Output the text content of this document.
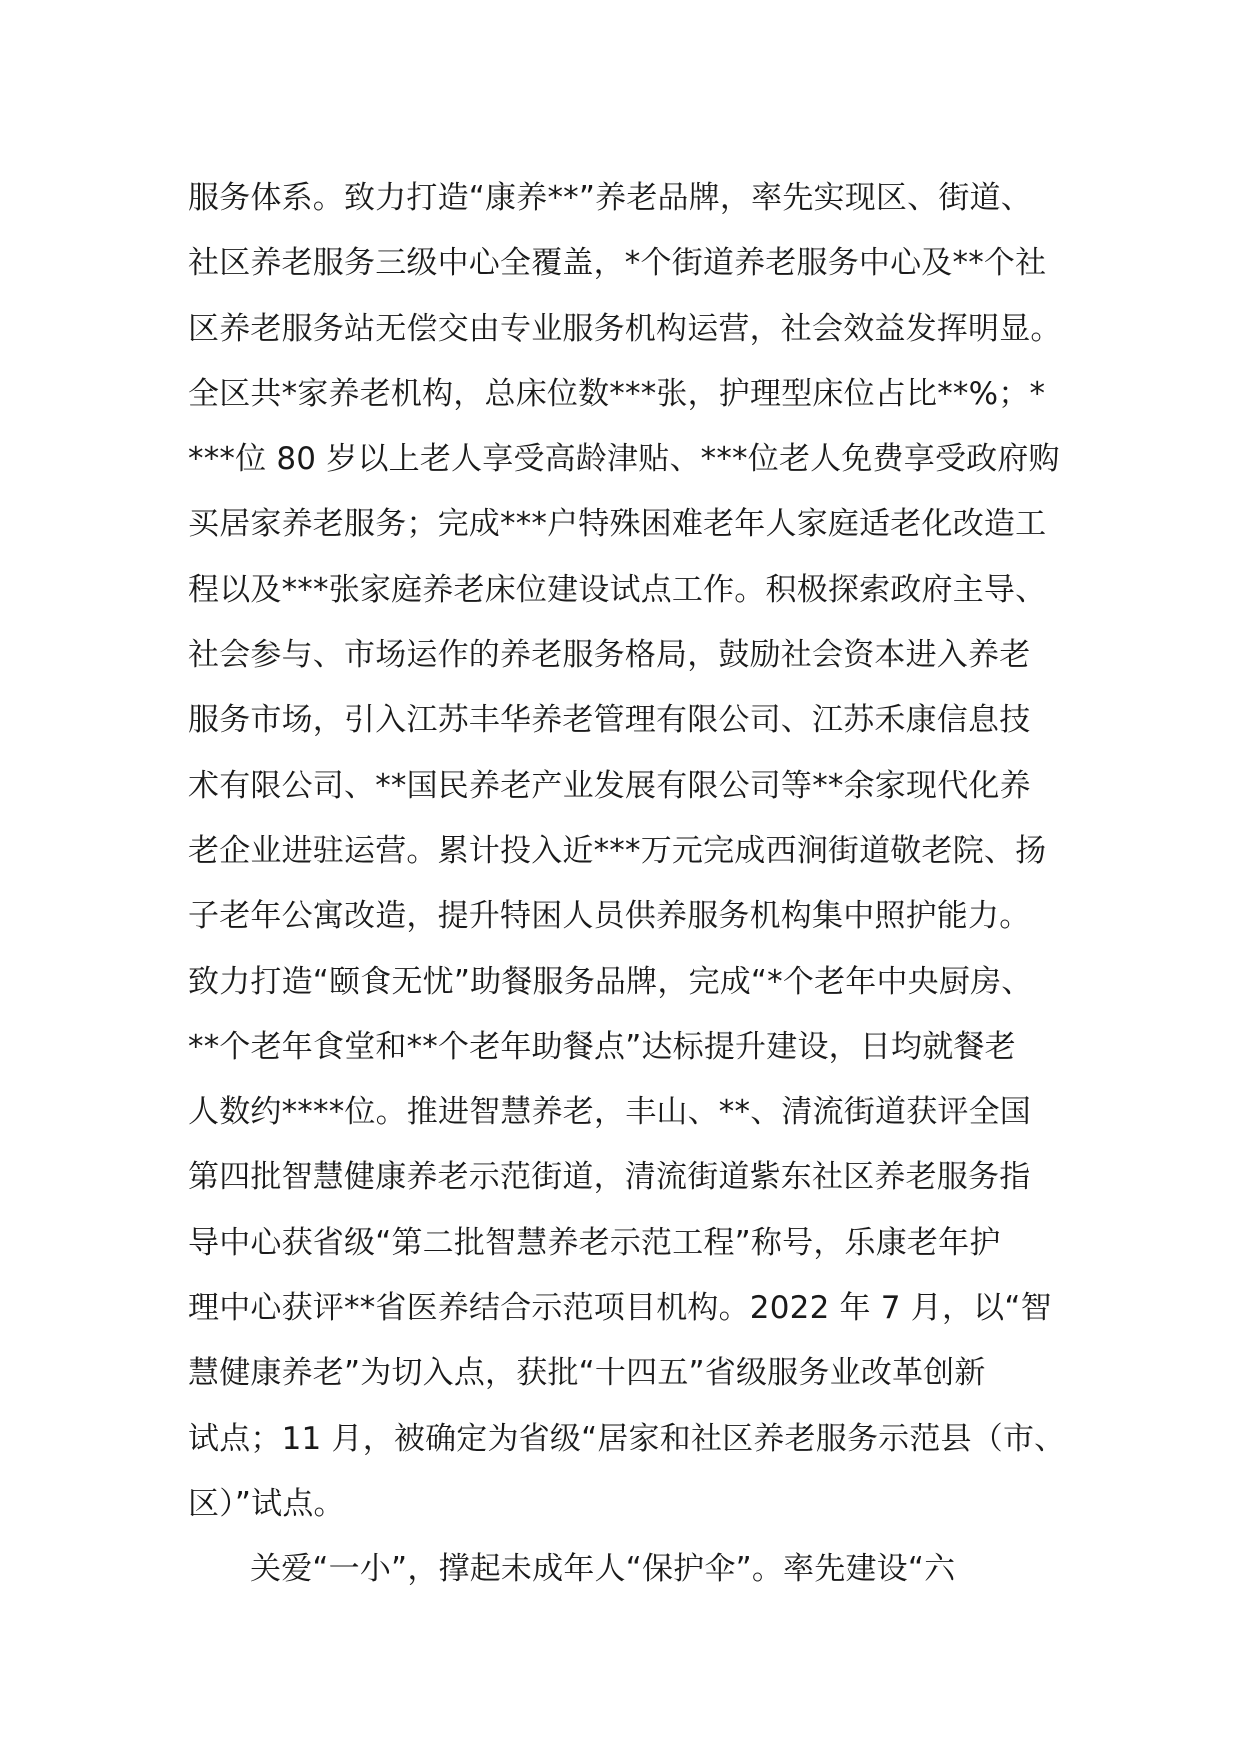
服务体系。致力打造“康养**”养老品牌，率先实现区、街道、
社区养老服务三级中心全覆盖，*个街道养老服务中心及**个社
区养老服务站无偿交由专业服务机构运营，社会效益发挥明显。
全区共*家养老机构，总床位数***张，护理型床位占比**%；*
***位 80 岁以上老人享受高龄津贴、***位老人免费享受政府购
买居家养老服务；完成***户特殊困难老年人家庭适老化改造工
程以及***张家庭养老床位建设试点工作。积极探索政府主导、
社会参与、市场运作的养老服务格局，鼓励社会资本进入养老
服务市场，引入江苏丰华养老管理有限公司、江苏禾康信息技
术有限公司、**国民养老产业发展有限公司等**余家现代化养
老企业进驻运营。累计投入近***万元完成西涧街道敬老院、扬
子老年公寓改造，提升特困人员供养服务机构集中照护能力。
致力打造“颐食无忧”助餐服务品牌，完成“*个老年中央厨房、
**个老年食堂和**个老年助餐点”达标提升建设，日均就餐老
人数约****位。推进智慧养老，丰山、**、清流街道获评全国
第四批智慧健康养老示范街道，清流街道紫东社区养老服务指
导中心获省级“第二批智慧养老示范工程”称号，乐康老年护
理中心获评**省医养结合示范项目机构。2022 年 7 月，以“智
慧健康养老”为切入点，获批“十四五”省级服务业改革创新
试点；11 月，被确定为省级“居家和社区养老服务示范县（市、
区）”试点。
关爱“一小”，撑起未成年人“保护伞”。率先建设“六
